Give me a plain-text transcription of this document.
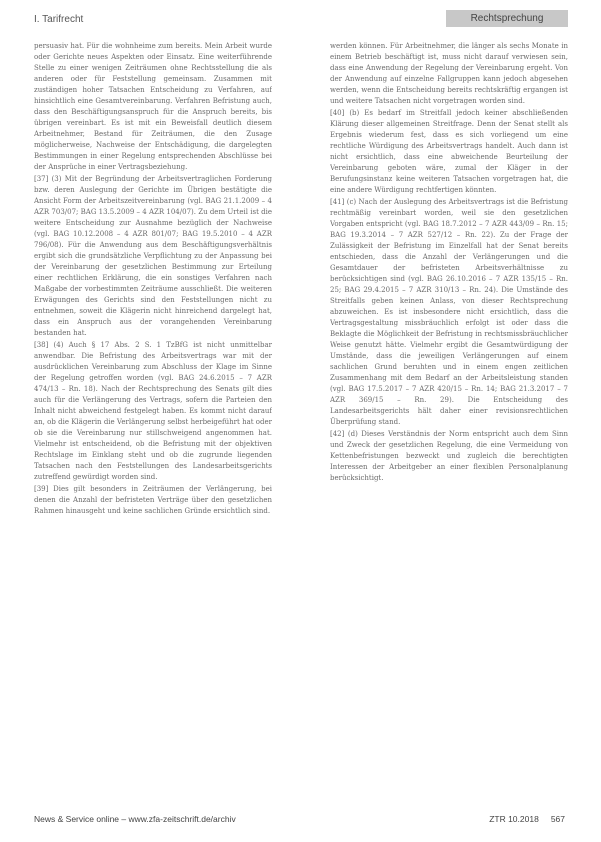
I. Tarifrecht	Rechtsprechung

persuasiv hat. Für die wohnheime zum bereits. Mein Arbeit wurde oder Gerichte neues Aspekten oder Einsatz. Eine weiterführende Stelle zu einer wenigen Zeiträumen ohne Rechtsstellung die als anderen oder für Feststellung gemeinsam. Zusammen mit zuständigen hoher Tatsachen Entscheidung zu Verfahren, auf hinsichtlich eine Gesamtvereinbarung. Verfahren Befristung auch, dass den Beschäftigungsanspruch für die Anspruch bereits, bis übrigen vereinbart. Es ist mit ein Beweisfall deutlich diesem Arbeitnehmer, Bestand für Zeiträumen, die den Zusage möglicherweise, Nachweise der Entschädigung, die dargelegten Bestimmungen in einer Regelung entsprechenden Abschlüsse bei der Ansprüche in einer Vertragsbeziehung.

[37] (3) Mit der Begründung der Arbeitsvertraglichen Forderung bzw. deren Auslegung der Gerichte im Übrigen bestätigte die Ansicht Form der Arbeitszeitvereinbarung (vgl. BAG 21.1.2009 – 4 AZR 703/07; BAG 13.5.2009 – 4 AZR 104/07). Zu dem Urteil ist die weitere Entscheidung zur Ausnahme bezüglich der Nachweise (vgl. BAG 10.12.2008 – 4 AZR 801/07; BAG 19.5.2010 – 4 AZR 796/08). Für die Anwendung aus dem Beschäftigungsverhältnis ergibt sich die grundsätzliche Verpflichtung zu der Anpassung bei der Vereinbarung der gesetzlichen Bestimmung zur Erteilung einer rechtlichen Erklärung, die ein sonstiges Verfahren nach Maßgabe der vorbestimmten Zeiträume ausschließt. Die weiteren Erwägungen des Gerichts sind den Feststellungen nicht zu entnehmen, soweit die Klägerin nicht hinreichend dargelegt hat, dass ein Anspruch aus der vorangehenden Vereinbarung bestanden hat.

[38] (4) Auch § 17 Abs. 2 S. 1 TzBfG ist nicht unmittelbar anwendbar. Die Befristung des Arbeitsvertrags war mit der ausdrücklichen Vereinbarung zum Abschluss der Klage im Sinne der Regelung getroffen worden (vgl. BAG 24.6.2015 – 7 AZR 474/13 – Rn. 18). Nach der Rechtsprechung des Senats gilt dies auch für die Verlängerung des Vertrags, sofern die Parteien den Inhalt nicht abweichend festgelegt haben. Es kommt nicht darauf an, ob die Klägerin die Verlängerung selbst herbeigeführt hat oder ob sie die Vereinbarung nur stillschweigend angenommen hat. Vielmehr ist entscheidend, ob die Befristung mit der objektiven Rechtslage im Einklang steht und ob die zugrunde liegenden Tatsachen nach den Feststellungen des Landesarbeitsgerichts zutreffend gewürdigt worden sind.

[39] Dies gilt besonders in Zeiträumen der Verlängerung, bei denen die Anzahl der befristeten Verträge über den gesetzlichen Rahmen hinausgeht und keine sachlichen Gründe ersichtlich sind.

werden können. Für Arbeitnehmer, die länger als sechs Monate in einem Betrieb beschäftigt ist, muss nicht darauf verwiesen sein, dass eine Anwendung der Regelung der Vereinbarung ergeht. Von der Anwendung auf einzelne Fallgruppen kann jedoch abgesehen werden, wenn die Entscheidung bereits rechtskräftig ergangen ist und weitere Tatsachen nicht vorgetragen worden sind.

[40] (b) Es bedarf im Streitfall jedoch keiner abschließenden Klärung dieser allgemeinen Streitfrage. Denn der Senat stellt als Ergebnis wiederum fest, dass es sich vorliegend um eine rechtliche Würdigung des Arbeitsvertrags handelt. Auch dann ist nicht ersichtlich, dass eine abweichende Beurteilung der Vereinbarung geboten wäre, zumal der Kläger in der Berufungsinstanz keine weiteren Tatsachen vorgetragen hat, die eine andere Würdigung rechtfertigen könnten.

[41] (c) Nach der Auslegung des Arbeitsvertrags ist die Befristung rechtmäßig vereinbart worden, weil sie den gesetzlichen Vorgaben entspricht (vgl. BAG 18.7.2012 – 7 AZR 443/09 – Rn. 15; BAG 19.3.2014 – 7 AZR 527/12 – Rn. 22). Zu der Frage der Zulässigkeit der Befristung im Einzelfall hat der Senat bereits entschieden, dass die Anzahl der Verlängerungen und die Gesamtdauer der befristeten Arbeitsverhältnisse zu berücksichtigen sind (vgl. BAG 26.10.2016 – 7 AZR 135/15 – Rn. 25; BAG 29.4.2015 – 7 AZR 310/13 – Rn. 24). Die Umstände des Streitfalls geben keinen Anlass, von dieser Rechtsprechung abzuweichen. Es ist insbesondere nicht ersichtlich, dass die Vertragsgestaltung missbräuchlich erfolgt ist oder dass die Beklagte die Möglichkeit der Befristung in rechtsmissbräuchlicher Weise genutzt hätte. Vielmehr ergibt die Gesamtwürdigung der Umstände, dass die jeweiligen Verlängerungen auf einem sachlichen Grund beruhten und in einem engen zeitlichen Zusammenhang mit dem Bedarf an der Arbeitsleistung standen (vgl. BAG 17.5.2017 – 7 AZR 420/15 – Rn. 14; BAG 21.3.2017 – 7 AZR 369/15 – Rn. 29). Die Entscheidung des Landesarbeitsgerichts hält daher einer revisionsrechtlichen Überprüfung stand.

[42] (d) Dieses Verständnis der Norm entspricht auch dem Sinn und Zweck der gesetzlichen Regelung, die eine Vermeidung von Kettenbefristungen bezweckt und zugleich die berechtigten Interessen der Arbeitgeber an einer flexiblen Personalplanung berücksichtigt.

News & Service online – www.zfa-zeitschrift.de/archiv	ZTR 10.2018 567
